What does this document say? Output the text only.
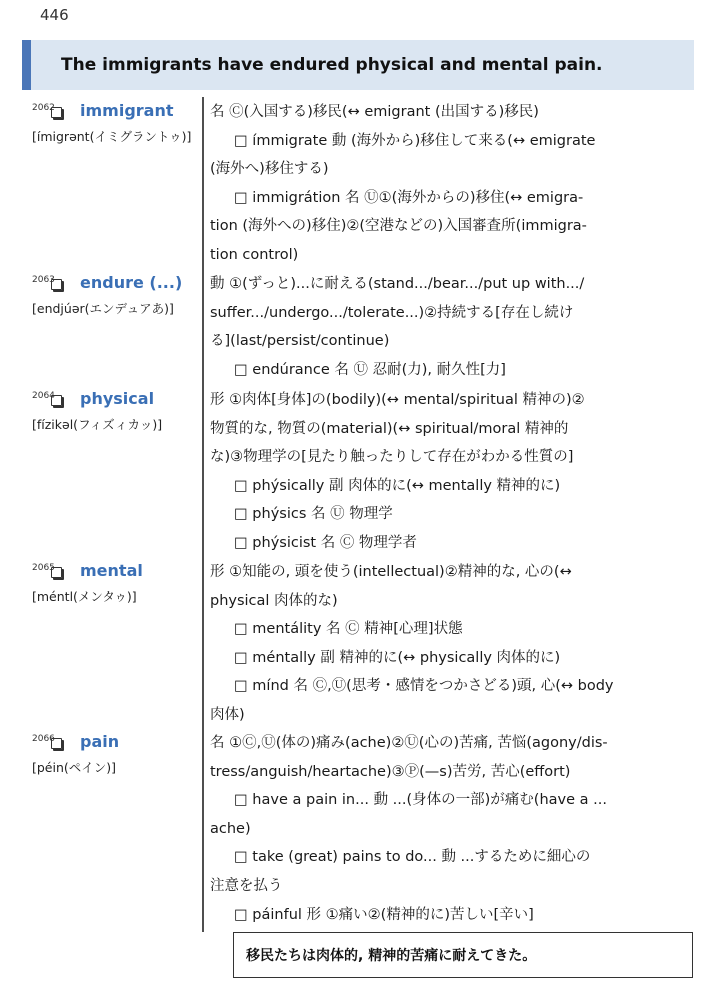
446
The immigrants have endured physical and mental pain.
2062 immigrant
[ímigrənt(イミグラントゥ)]
2063 endure (...)
[endjúər(エンデュアあ)]
2064 physical
[fízikəl(フィズィカッ)]
2065 mental
[méntl(メンタゥ)]
2066 pain
[péin(ペイン)]
名 Ⓒ(入国する)移民(↔ emigrant (出国する)移民)
□ ímmigrate 動 (海外から)移住して来る(↔ emigrate
(海外へ)移住する)
□ immigrátion 名 Ⓤ①(海外からの)移住(↔ emigra-
tion (海外への)移住)②(空港などの)入国審査所(immigra-
tion control)
動 ①(ずっと)...に耐える(stand.../bear.../put up with.../
suffer.../undergo.../tolerate...)②持続する[存在し続け
る](last/persist/continue)
□ endúrance 名 Ⓤ 忍耐(力), 耐久性[力]
形 ①肉体[身体]の(bodily)(↔ mental/spiritual 精神の)②
物質的な, 物質の(material)(↔ spiritual/moral 精神的
な)③物理学の[見たり触ったりして存在がわかる性質の]
□ phýsically 副 肉体的に(↔ mentally 精神的に)
□ phýsics 名 Ⓤ 物理学
□ phýsicist 名 Ⓒ 物理学者
形 ①知能の, 頭を使う(intellectual)②精神的な, 心の(↔
physical 肉体的な)
□ mentálity 名 Ⓒ 精神[心理]状態
□ méntally 副 精神的に(↔ physically 肉体的に)
□ mínd 名 Ⓒ,Ⓤ(思考・感情をつかさどる)頭, 心(↔ body
肉体)
名 ①Ⓒ,Ⓤ(体の)痛み(ache)②Ⓤ(心の)苦痛, 苦悩(agony/dis-
tress/anguish/heartache)③Ⓟ(—s)苦労, 苦心(effort)
□ have a pain in... 動 ...(身体の一部)が痛む(have a ...
ache)
□ take (great) pains to do... 動 ...するために細心の
注意を払う
□ páinful 形 ①痛い②(精神的に)苦しい[辛い]
移民たちは肉体的, 精神的苦痛に耐えてきた。
